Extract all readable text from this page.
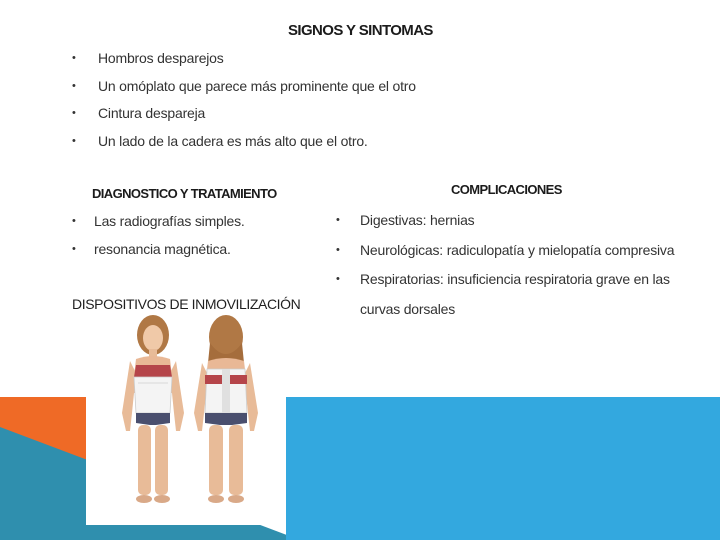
SIGNOS Y SINTOMAS
• Hombros desparejos
• Un omóplato que parece más prominente que el otro
• Cintura despareja
• Un lado de la cadera es más alto que el otro.
DIAGNOSTICO Y TRATAMIENTO
• Las radiografías simples.
• resonancia magnética.
COMPLICACIONES
• Digestivas: hernias
• Neurológicas: radiculopatía y mielopatía compresiva
• Respiratorias: insuficiencia respiratoria grave en las curvas dorsales
DISPOSITIVOS DE INMOVILIZACIÓN
